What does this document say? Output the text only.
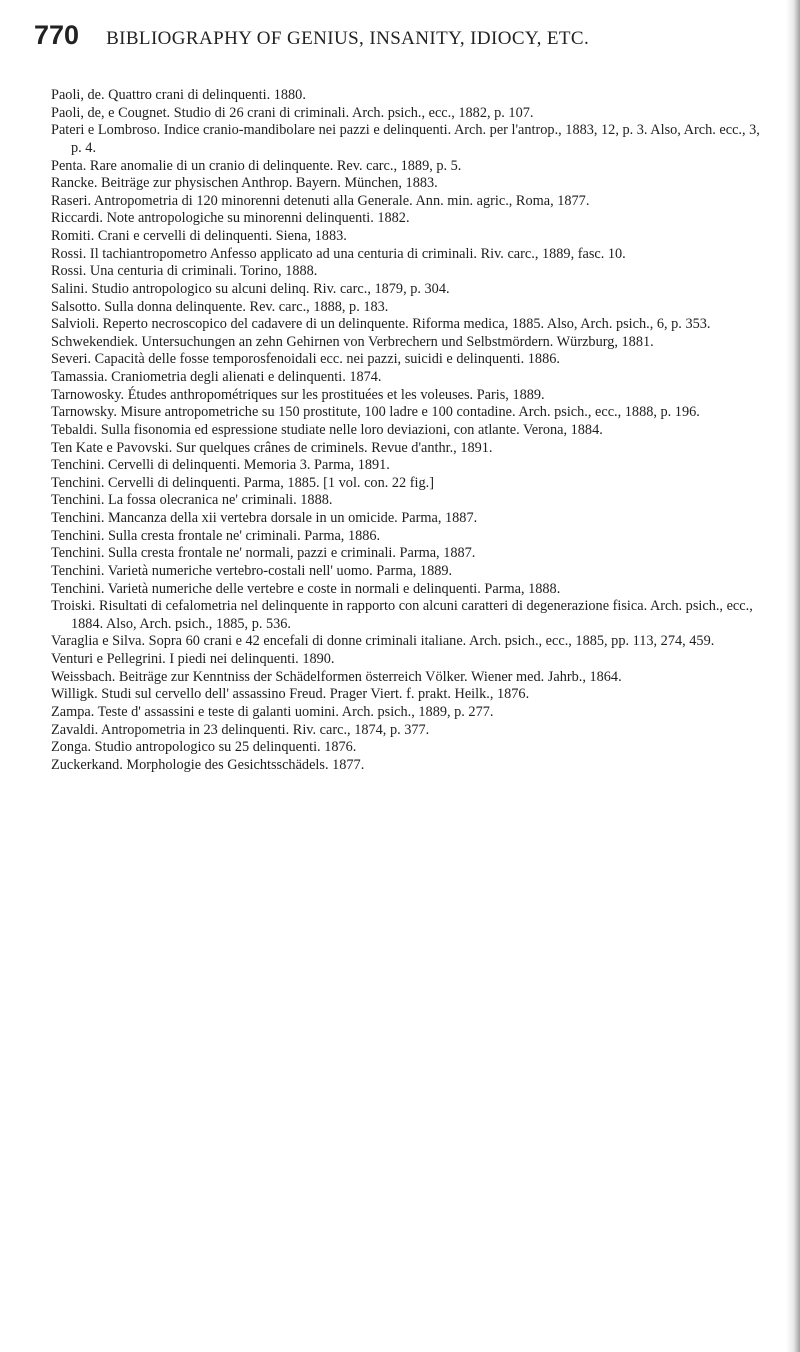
770 BIBLIOGRAPHY OF GENIUS, INSANITY, IDIOCY, ETC.
Paoli, de. Quattro crani di delinquenti. 1880.
Paoli, de, e Cougnet. Studio di 26 crani di criminali. Arch. psich., ecc., 1882, p. 107.
Pateri e Lombroso. Indice cranio-mandibolare nei pazzi e delinquenti. Arch. per l'antrop., 1883, 12, p. 3. Also, Arch. ecc., 3, p. 4.
Penta. Rare anomalie di un cranio di delinquente. Rev. carc., 1889, p. 5.
Rancke. Beiträge zur physischen Anthrop. Bayern. München, 1883.
Raseri. Antropometria di 120 minorenni detenuti alla Generale. Ann. min. agric., Roma, 1877.
Riccardi. Note antropologiche su minorenni delinquenti. 1882.
Romiti. Crani e cervelli di delinquenti. Siena, 1883.
Rossi. Il tachiantropometro Anfesso applicato ad una centuria di criminali. Riv. carc., 1889, fasc. 10.
Rossi. Una centuria di criminali. Torino, 1888.
Salini. Studio antropologico su alcuni delinq. Riv. carc., 1879, p. 304.
Salsotto. Sulla donna delinquente. Rev. carc., 1888, p. 183.
Salvioli. Reperto necroscopico del cadavere di un delinquente. Riforma medica, 1885. Also, Arch. psich., 6, p. 353.
Schwekendiek. Untersuchungen an zehn Gehirnen von Verbrechern und Selbstmördern. Würzburg, 1881.
Severi. Capacità delle fosse temporosfenoidali ecc. nei pazzi, suicidi e delinquenti. 1886.
Tamassia. Craniometria degli alienati e delinquenti. 1874.
Tarnowosky. Études anthropométriques sur les prostituées et les voleuses. Paris, 1889.
Tarnowsky. Misure antropometriche su 150 prostitute, 100 ladre e 100 contadine. Arch. psich., ecc., 1888, p. 196.
Tebaldi. Sulla fisonomia ed espressione studiate nelle loro deviazioni, con atlante. Verona, 1884.
Ten Kate e Pavovski. Sur quelques crânes de criminels. Revue d'anthr., 1891.
Tenchini. Cervelli di delinquenti. Memoria 3. Parma, 1891.
Tenchini. Cervelli di delinquenti. Parma, 1885. [1 vol. con. 22 fig.]
Tenchini. La fossa olecranica ne' criminali. 1888.
Tenchini. Mancanza della xii vertebra dorsale in un omicide. Parma, 1887.
Tenchini. Sulla cresta frontale ne' criminali. Parma, 1886.
Tenchini. Sulla cresta frontale ne' normali, pazzi e criminali. Parma, 1887.
Tenchini. Varietà numeriche vertebro-costali nell' uomo. Parma, 1889.
Tenchini. Varietà numeriche delle vertebre e coste in normali e delinquenti. Parma, 1888.
Troiski. Risultati di cefalometria nel delinquente in rapporto con alcuni caratteri di degenerazione fisica. Arch. psich., ecc., 1884. Also, Arch. psich., 1885, p. 536.
Varaglia e Silva. Sopra 60 crani e 42 encefali di donne criminali italiane. Arch. psich., ecc., 1885, pp. 113, 274, 459.
Venturi e Pellegrini. I piedi nei delinquenti. 1890.
Weissbach. Beiträge zur Kenntniss der Schädelformen österreich Völker. Wiener med. Jahrb., 1864.
Willigk. Studi sul cervello dell' assassino Freud. Prager Viert. f. prakt. Heilk., 1876.
Zampa. Teste d' assassini e teste di galanti uomini. Arch. psich., 1889, p. 277.
Zavaldi. Antropometria in 23 delinquenti. Riv. carc., 1874, p. 377.
Zonga. Studio antropologico su 25 delinquenti. 1876.
Zuckerkand. Morphologie des Gesichtsschädels. 1877.
